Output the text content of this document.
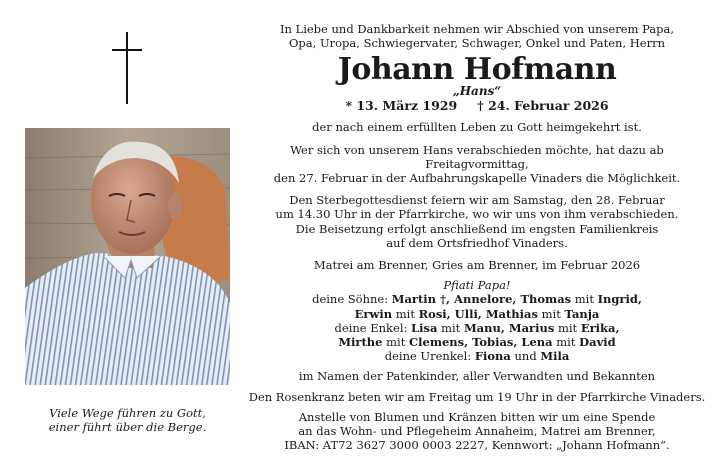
Viele Wege führen zu Gott,
einer führt über die Berge.
In Liebe und Dankbarkeit nehmen wir Abschied von unserem Papa,
Opa, Uropa, Schwiegervater, Schwager, Onkel und Paten, Herrn
Johann Hofmann
„Hans“
* 13. März 1929 † 24. Februar 2026
der nach einem erfüllten Leben zu Gott heimgekehrt ist.
Wer sich von unserem Hans verabschieden möchte, hat dazu ab Freitagvormittag,
den 27. Februar in der Aufbahrungskapelle Vinaders die Möglichkeit.
Den Sterbegottesdienst feiern wir am Samstag, den 28. Februar
um 14.30 Uhr in der Pfarrkirche, wo wir uns von ihm verabschieden.
Die Beisetzung erfolgt anschließend im engsten Familienkreis
auf dem Ortsfriedhof Vinaders.
Matrei am Brenner, Gries am Brenner, im Februar 2026
Pfiati Papa!
deine Söhne: Martin †, Annelore, Thomas mit Ingrid,
Erwin mit Rosi, Ulli, Mathias mit Tanja
deine Enkel: Lisa mit Manu, Marius mit Erika,
Mirthe mit Clemens, Tobias, Lena mit David
deine Urenkel: Fiona und Mila
im Namen der Patenkinder, aller Verwandten und Bekannten
Den Rosenkranz beten wir am Freitag um 19 Uhr in der Pfarrkirche Vinaders.
Anstelle von Blumen und Kränzen bitten wir um eine Spende
an das Wohn- und Pflegeheim Annaheim, Matrei am Brenner,
IBAN: AT72 3627 3000 0003 2227, Kennwort: „Johann Hofmann“.
